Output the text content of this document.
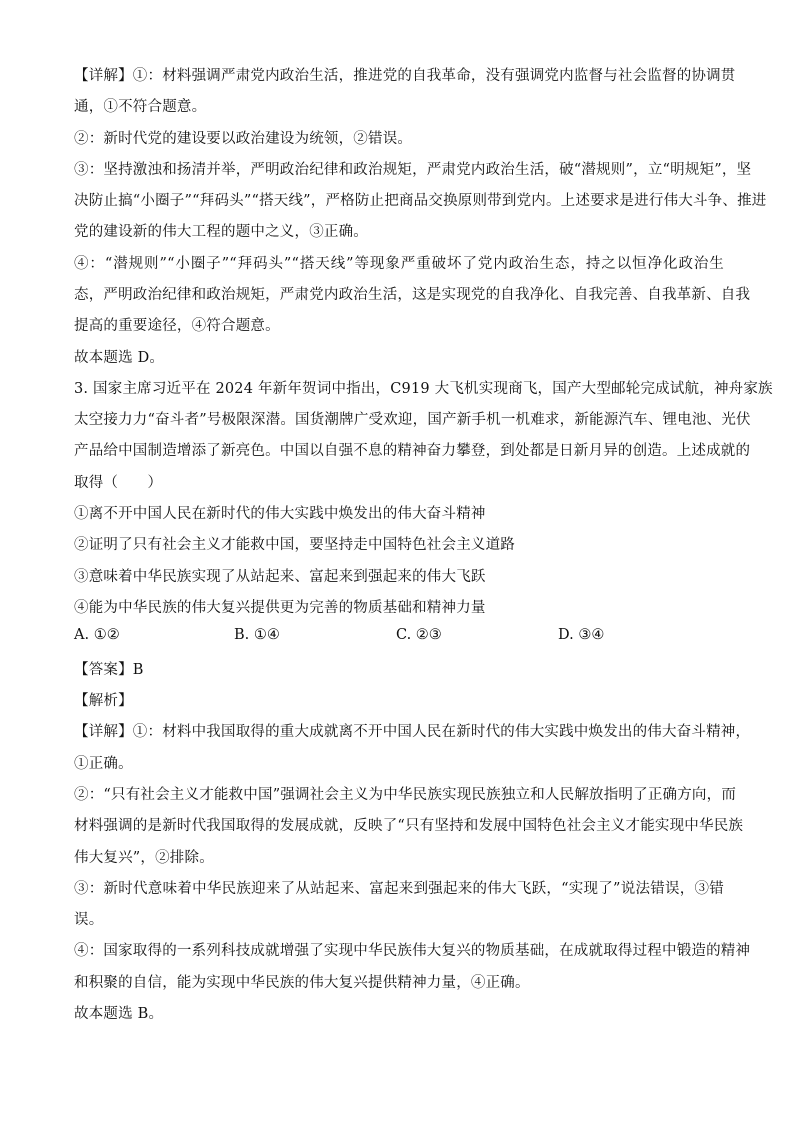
【详解】①：材料强调严肃党内政治生活，推进党的自我革命，没有强调党内监督与社会监督的协调贯
通，①不符合题意。
②：新时代党的建设要以政治建设为统领，②错误。
③：坚持激浊和扬清并举，严明政治纪律和政治规矩，严肃党内政治生活，破“潜规则”，立“明规矩”，坚
决防止搞“小圈子”“拜码头”“搭天线”，严格防止把商品交换原则带到党内。上述要求是进行伟大斗争、推进
党的建设新的伟大工程的题中之义，③正确。
④：“潜规则”“小圈子”“拜码头”“搭天线”等现象严重破坏了党内政治生态，持之以恒净化政治生
态，严明政治纪律和政治规矩，严肃党内政治生活，这是实现党的自我净化、自我完善、自我革新、自我
提高的重要途径，④符合题意。
故本题选 D。
3. 国家主席习近平在 2024 年新年贺词中指出，C919 大飞机实现商飞，国产大型邮轮完成试航，神舟家族
太空接力力“奋斗者”号极限深潜。国货潮牌广受欢迎，国产新手机一机难求，新能源汽车、锂电池、光伏
产品给中国制造增添了新亮色。中国以自强不息的精神奋力攀登，到处都是日新月异的创造。上述成就的
取得（　　）
①离不开中国人民在新时代的伟大实践中焕发出的伟大奋斗精神
②证明了只有社会主义才能救中国，要坚持走中国特色社会主义道路
③意味着中华民族实现了从站起来、富起来到强起来的伟大飞跃
④能为中华民族的伟大复兴提供更为完善的物质基础和精神力量
A. ①②	B. ①④	C. ②③	D. ③④
【答案】B
【解析】
【详解】①：材料中我国取得的重大成就离不开中国人民在新时代的伟大实践中焕发出的伟大奋斗精神，
①正确。
②：“只有社会主义才能救中国”强调社会主义为中华民族实现民族独立和人民解放指明了正确方向，而
材料强调的是新时代我国取得的发展成就，反映了“只有坚持和发展中国特色社会主义才能实现中华民族
伟大复兴”，②排除。
③：新时代意味着中华民族迎来了从站起来、富起来到强起来的伟大飞跃，“实现了”说法错误，③错
误。
④：国家取得的一系列科技成就增强了实现中华民族伟大复兴的物质基础，在成就取得过程中锻造的精神
和积聚的自信，能为实现中华民族的伟大复兴提供精神力量，④正确。
故本题选 B。
